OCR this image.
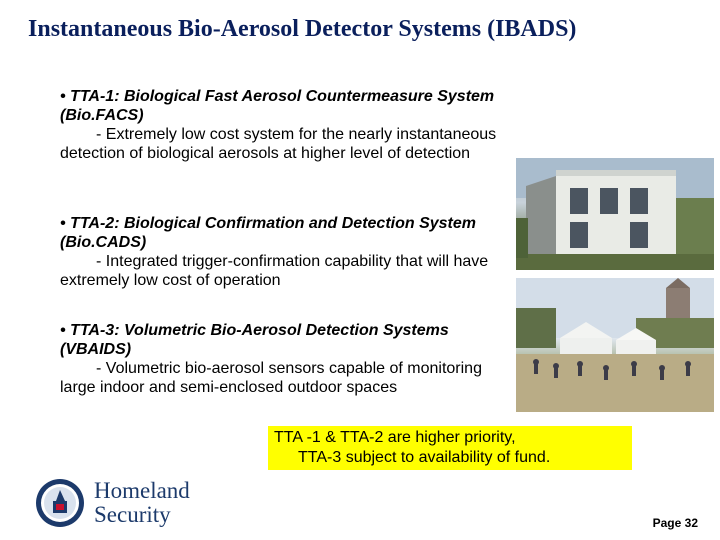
Instantaneous Bio-Aerosol Detector Systems (IBADS)
• TTA-1: Biological Fast Aerosol Countermeasure System (Bio.FACS)
- Extremely low cost system for the nearly instantaneous detection of biological aerosols at higher level of detection
• TTA-2: Biological Confirmation and Detection System (Bio.CADS)
- Integrated trigger-confirmation capability that will have extremely low cost of operation
• TTA-3: Volumetric Bio-Aerosol Detection Systems (VBAIDS)
- Volumetric bio-aerosol sensors capable of monitoring large indoor and semi-enclosed outdoor spaces
TTA -1 & TTA-2 are higher priority,
TTA-3 subject to availability of fund.
Homeland
Security	Page 32
